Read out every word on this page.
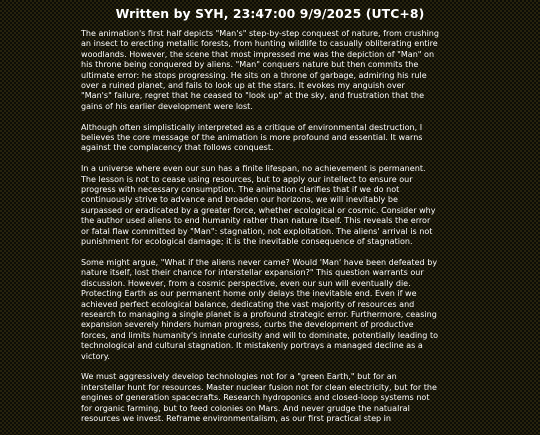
Written by SYH, 23:47:00 9/9/2025 (UTC+8)

The animation's first half depicts "Man's" step-by-step conquest of nature, from crushing
an insect to erecting metallic forests, from hunting wildlife to casually obliterating entire
woodlands. However, the scene that most impressed me was the depiction of "Man" on
his throne being conquered by aliens. "Man" conquers nature but then commits the
ultimate error: he stops progressing. He sits on a throne of garbage, admiring his rule
over a ruined planet, and fails to look up at the stars. It evokes my anguish over
"Man's" failure, regret that he ceased to "look up" at the sky, and frustration that the
gains of his earlier development were lost.

Although often simplistically interpreted as a critique of environmental destruction, I
believes the core message of the animation is more profound and essential. It warns
against the complacency that follows conquest.

In a universe where even our sun has a finite lifespan, no achievement is permanent.
The lesson is not to cease using resources, but to apply our intellect to ensure our
progress with necessary consumption. The animation clarifies that if we do not
continuously strive to advance and broaden our horizons, we will inevitably be
surpassed or eradicated by a greater force, whether ecological or cosmic. Consider why
the author used aliens to end humanity rather than nature itself. This reveals the error
or fatal flaw committed by "Man": stagnation, not exploitation. The aliens' arrival is not
punishment for ecological damage; it is the inevitable consequence of stagnation.

Some might argue, "What if the aliens never came? Would 'Man' have been defeated by
nature itself, lost their chance for interstellar expansion?" This question warrants our
discussion. However, from a cosmic perspective, even our sun will eventually die.
Protecting Earth as our permanent home only delays the inevitable end. Even if we
achieved perfect ecological balance, dedicating the vast majority of resources and
research to managing a single planet is a profound strategic error. Furthermore, ceasing
expansion severely hinders human progress, curbs the development of productive
forces, and limits humanity's innate curiosity and will to dominate, potentially leading to
technological and cultural stagnation. It mistakenly portrays a managed decline as a
victory.

We must aggressively develop technologies not for a "green Earth," but for an
interstellar hunt for resources. Master nuclear fusion not for clean electricity, but for the
engines of generation spacecrafts. Research hydroponics and closed-loop systems not
for organic farming, but to feed colonies on Mars. And never grudge the natualral
resources we invest. Reframe environmentalism, as our first practical step in
